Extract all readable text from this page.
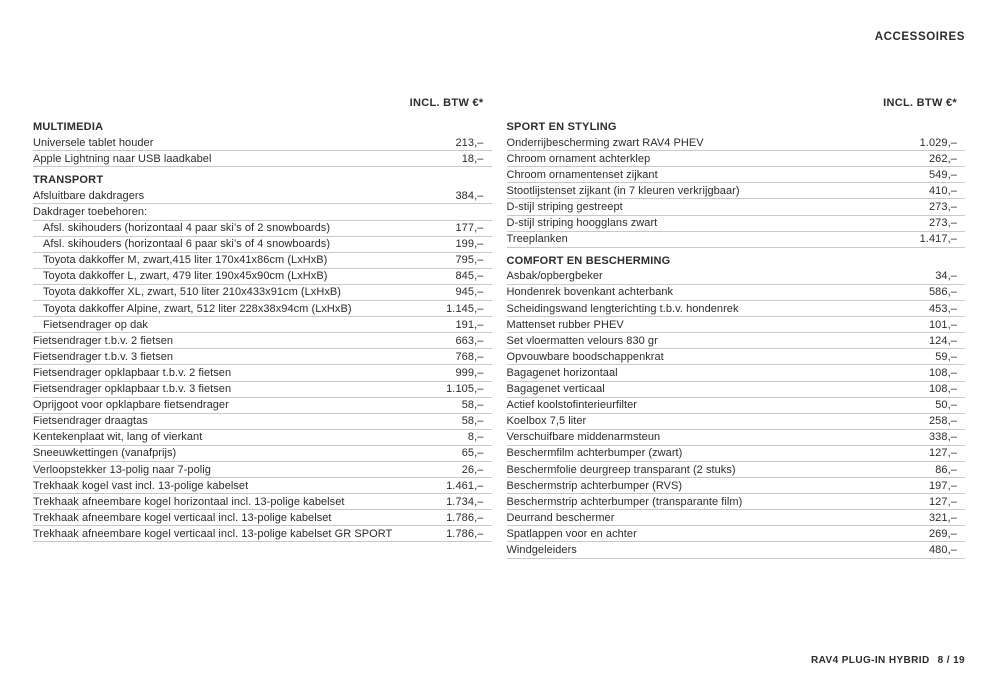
ACCESSOIRES
INCL. BTW €*
MULTIMEDIA
Universele tablet houder	213,–
Apple Lightning naar USB laadkabel	18,–
TRANSPORT
Afsluitbare dakdragers	384,–
Dakdrager toebehoren:
Afsl. skihouders (horizontaal 4 paar ski’s of 2 snowboards)	177,–
Afsl. skihouders (horizontaal 6 paar ski’s of 4 snowboards)	199,–
Toyota dakkoffer M, zwart,415 liter 170x41x86cm (LxHxB)	795,–
Toyota dakkoffer L, zwart, 479 liter 190x45x90cm (LxHxB)	845,–
Toyota dakkoffer XL, zwart, 510 liter 210x433x91cm (LxHxB)	945,–
Toyota dakkoffer Alpine, zwart, 512 liter 228x38x94cm (LxHxB)	1.145,–
Fietsendrager op dak	191,–
Fietsendrager t.b.v. 2 fietsen	663,–
Fietsendrager t.b.v. 3 fietsen	768,–
Fietsendrager opklapbaar t.b.v. 2 fietsen	999,–
Fietsendrager opklapbaar t.b.v. 3 fietsen	1.105,–
Oprijgoot voor opklapbare fietsendrager	58,–
Fietsendrager draagtas	58,–
Kentekenplaat wit, lang of vierkant	8,–
Sneeuwkettingen (vanafprijs)	65,–
Verloopstekker 13-polig naar 7-polig	26,–
Trekhaak kogel vast incl. 13-polige kabelset	1.461,–
Trekhaak afneembare kogel horizontaal incl. 13-polige kabelset	1.734,–
Trekhaak afneembare kogel verticaal incl. 13-polige kabelset	1.786,–
Trekhaak afneembare kogel verticaal incl. 13-polige kabelset GR SPORT	1.786,–
INCL. BTW €*
SPORT EN STYLING
Onderrijbescherming zwart RAV4 PHEV	1.029,–
Chroom ornament achterklep	262,–
Chroom ornamentenset zijkant	549,–
Stootlijstenset zijkant (in 7 kleuren verkrijgbaar)	410,–
D-stijl striping gestreept	273,–
D-stijl striping hoogglans zwart	273,–
Treeplanken	1.417,–
COMFORT EN BESCHERMING
Asbak/opbergbeker	34,–
Hondenrek bovenkant achterbank	586,–
Scheidingswand lengterichting t.b.v. hondenrek	453,–
Mattenset rubber PHEV	101,–
Set vloermatten velours 830 gr	124,–
Opvouwbare boodschappenkrat	59,–
Bagagenet horizontaal	108,–
Bagagenet verticaal	108,–
Actief koolstofinterieurfilter	50,–
Koelbox 7,5 liter	258,–
Verschuifbare middenarmsteun	338,–
Beschermfilm achterbumper (zwart)	127,–
Beschermfolie deurgreep transparant (2 stuks)	86,–
Beschermstrip achterbumper (RVS)	197,–
Beschermstrip achterbumper (transparante film)	127,–
Deurrand beschermer	321,–
Spatlappen voor en achter	269,–
Windgeleiders	480,–
RAV4 PLUG-IN HYBRID 8 / 19
